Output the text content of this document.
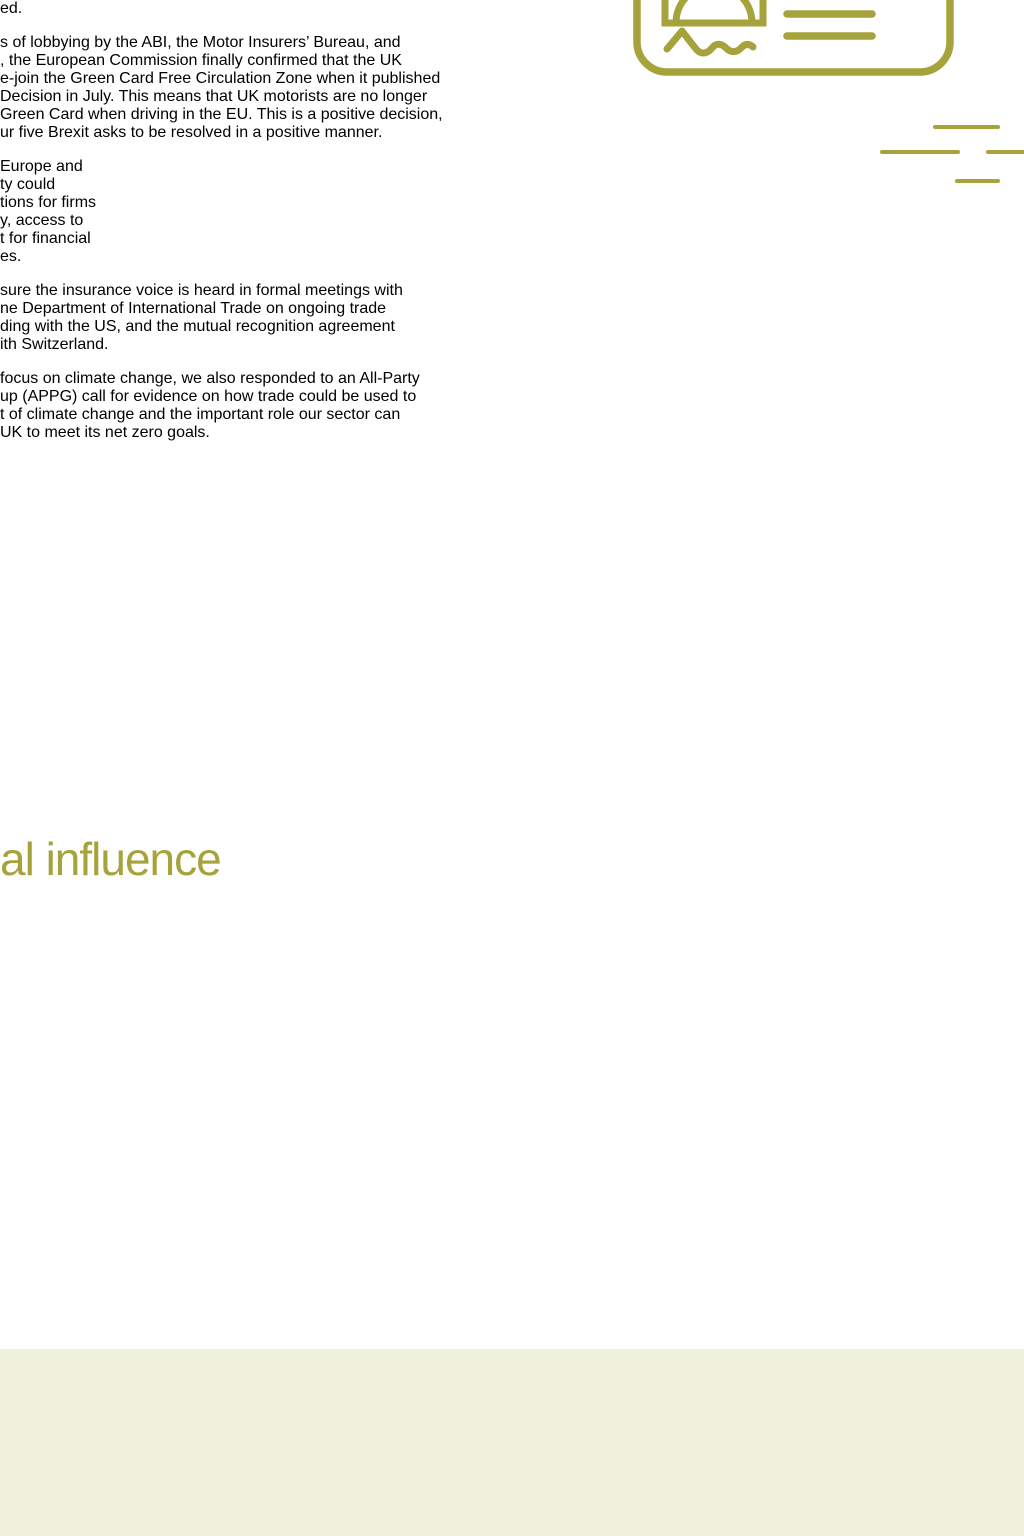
ed.

s of lobbying by the ABI, the Motor Insurers’ Bureau, and
, the European Commission finally confirmed that the UK
e-join the Green Card Free Circulation Zone when it published
Decision in July. This means that UK motorists are no longer
Green Card when driving in the EU. This is a positive decision,
ur five Brexit asks to be resolved in a positive manner.

Europe and
ty could
tions for firms
y, access to
t for financial
es.

al influence

sure the insurance voice is heard in formal meetings with
ne Department of International Trade on ongoing trade
ding with the US, and the mutual recognition agreement
ith Switzerland.

focus on climate change, we also responded to an All-Party
up (APPG) call for evidence on how trade could be used to
t of climate change and the important role our sector can
UK to meet its net zero goals.
